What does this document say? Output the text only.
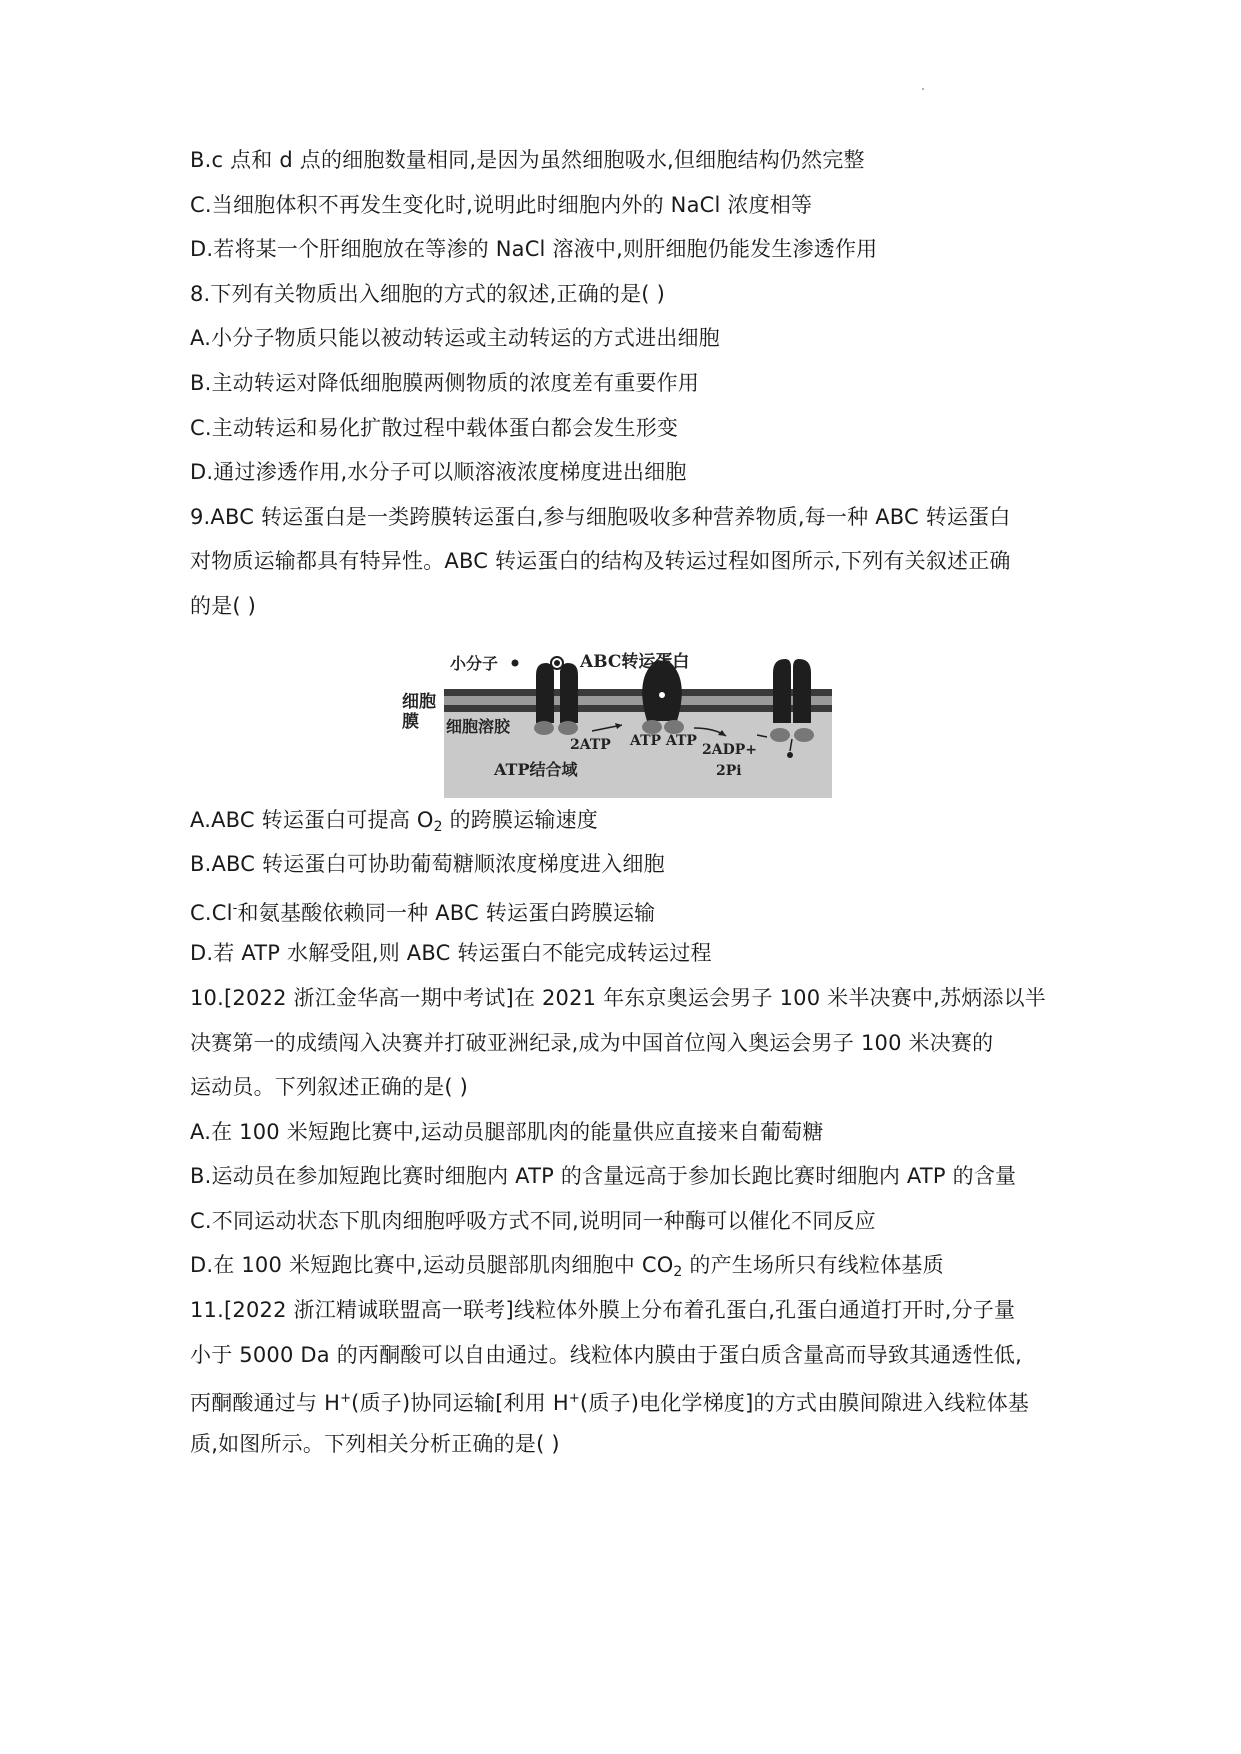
B.c 点和 d 点的细胞数量相同,是因为虽然细胞吸水,但细胞结构仍然完整
C.当细胞体积不再发生变化时,说明此时细胞内外的 NaCl 浓度相等
D.若将某一个肝细胞放在等渗的 NaCl 溶液中,则肝细胞仍能发生渗透作用
8.下列有关物质出入细胞的方式的叙述,正确的是( )
A.小分子物质只能以被动转运或主动转运的方式进出细胞
B.主动转运对降低细胞膜两侧物质的浓度差有重要作用
C.主动转运和易化扩散过程中载体蛋白都会发生形变
D.通过渗透作用,水分子可以顺溶液浓度梯度进出细胞
9.ABC 转运蛋白是一类跨膜转运蛋白,参与细胞吸收多种营养物质,每一种 ABC 转运蛋白
对物质运输都具有特异性。ABC 转运蛋白的结构及转运过程如图所示,下列有关叙述正确
的是( )
小分子	ABC转运蛋白
细胞
膜 细胞溶胶
2ATP ATP ATP
2ADP+
2Pi
ATP结合域
A.ABC 转运蛋白可提高 $O_2$ 的跨膜运输速度
B.ABC 转运蛋白可协助葡萄糖顺浓度梯度进入细胞
C.Cl-和氨基酸依赖同一种 ABC 转运蛋白跨膜运输
D.若 ATP 水解受阻,则 ABC 转运蛋白不能完成转运过程
10.[2022 浙江金华高一期中考试]在 2021 年东京奥运会男子 100 米半决赛中,苏炳添以半
决赛第一的成绩闯入决赛并打破亚洲纪录,成为中国首位闯入奥运会男子 100 米决赛的
运动员。下列叙述正确的是( )
A.在 100 米短跑比赛中,运动员腿部肌肉的能量供应直接来自葡萄糖
B.运动员在参加短跑比赛时细胞内 ATP 的含量远高于参加长跑比赛时细胞内 ATP 的含量
C.不同运动状态下肌肉细胞呼吸方式不同,说明同一种酶可以催化不同反应
D.在 100 米短跑比赛中,运动员腿部肌肉细胞中 $CO_2$ 的产生场所只有线粒体基质
11.[2022 浙江精诚联盟高一联考]线粒体外膜上分布着孔蛋白,孔蛋白通道打开时,分子量
小于 5000 Da 的丙酮酸可以自由通过。线粒体内膜由于蛋白质含量高而导致其通透性低,
丙酮酸通过与 H+(质子)协同运输[利用 H+(质子)电化学梯度]的方式由膜间隙进入线粒体基
质,如图所示。下列相关分析正确的是( )
